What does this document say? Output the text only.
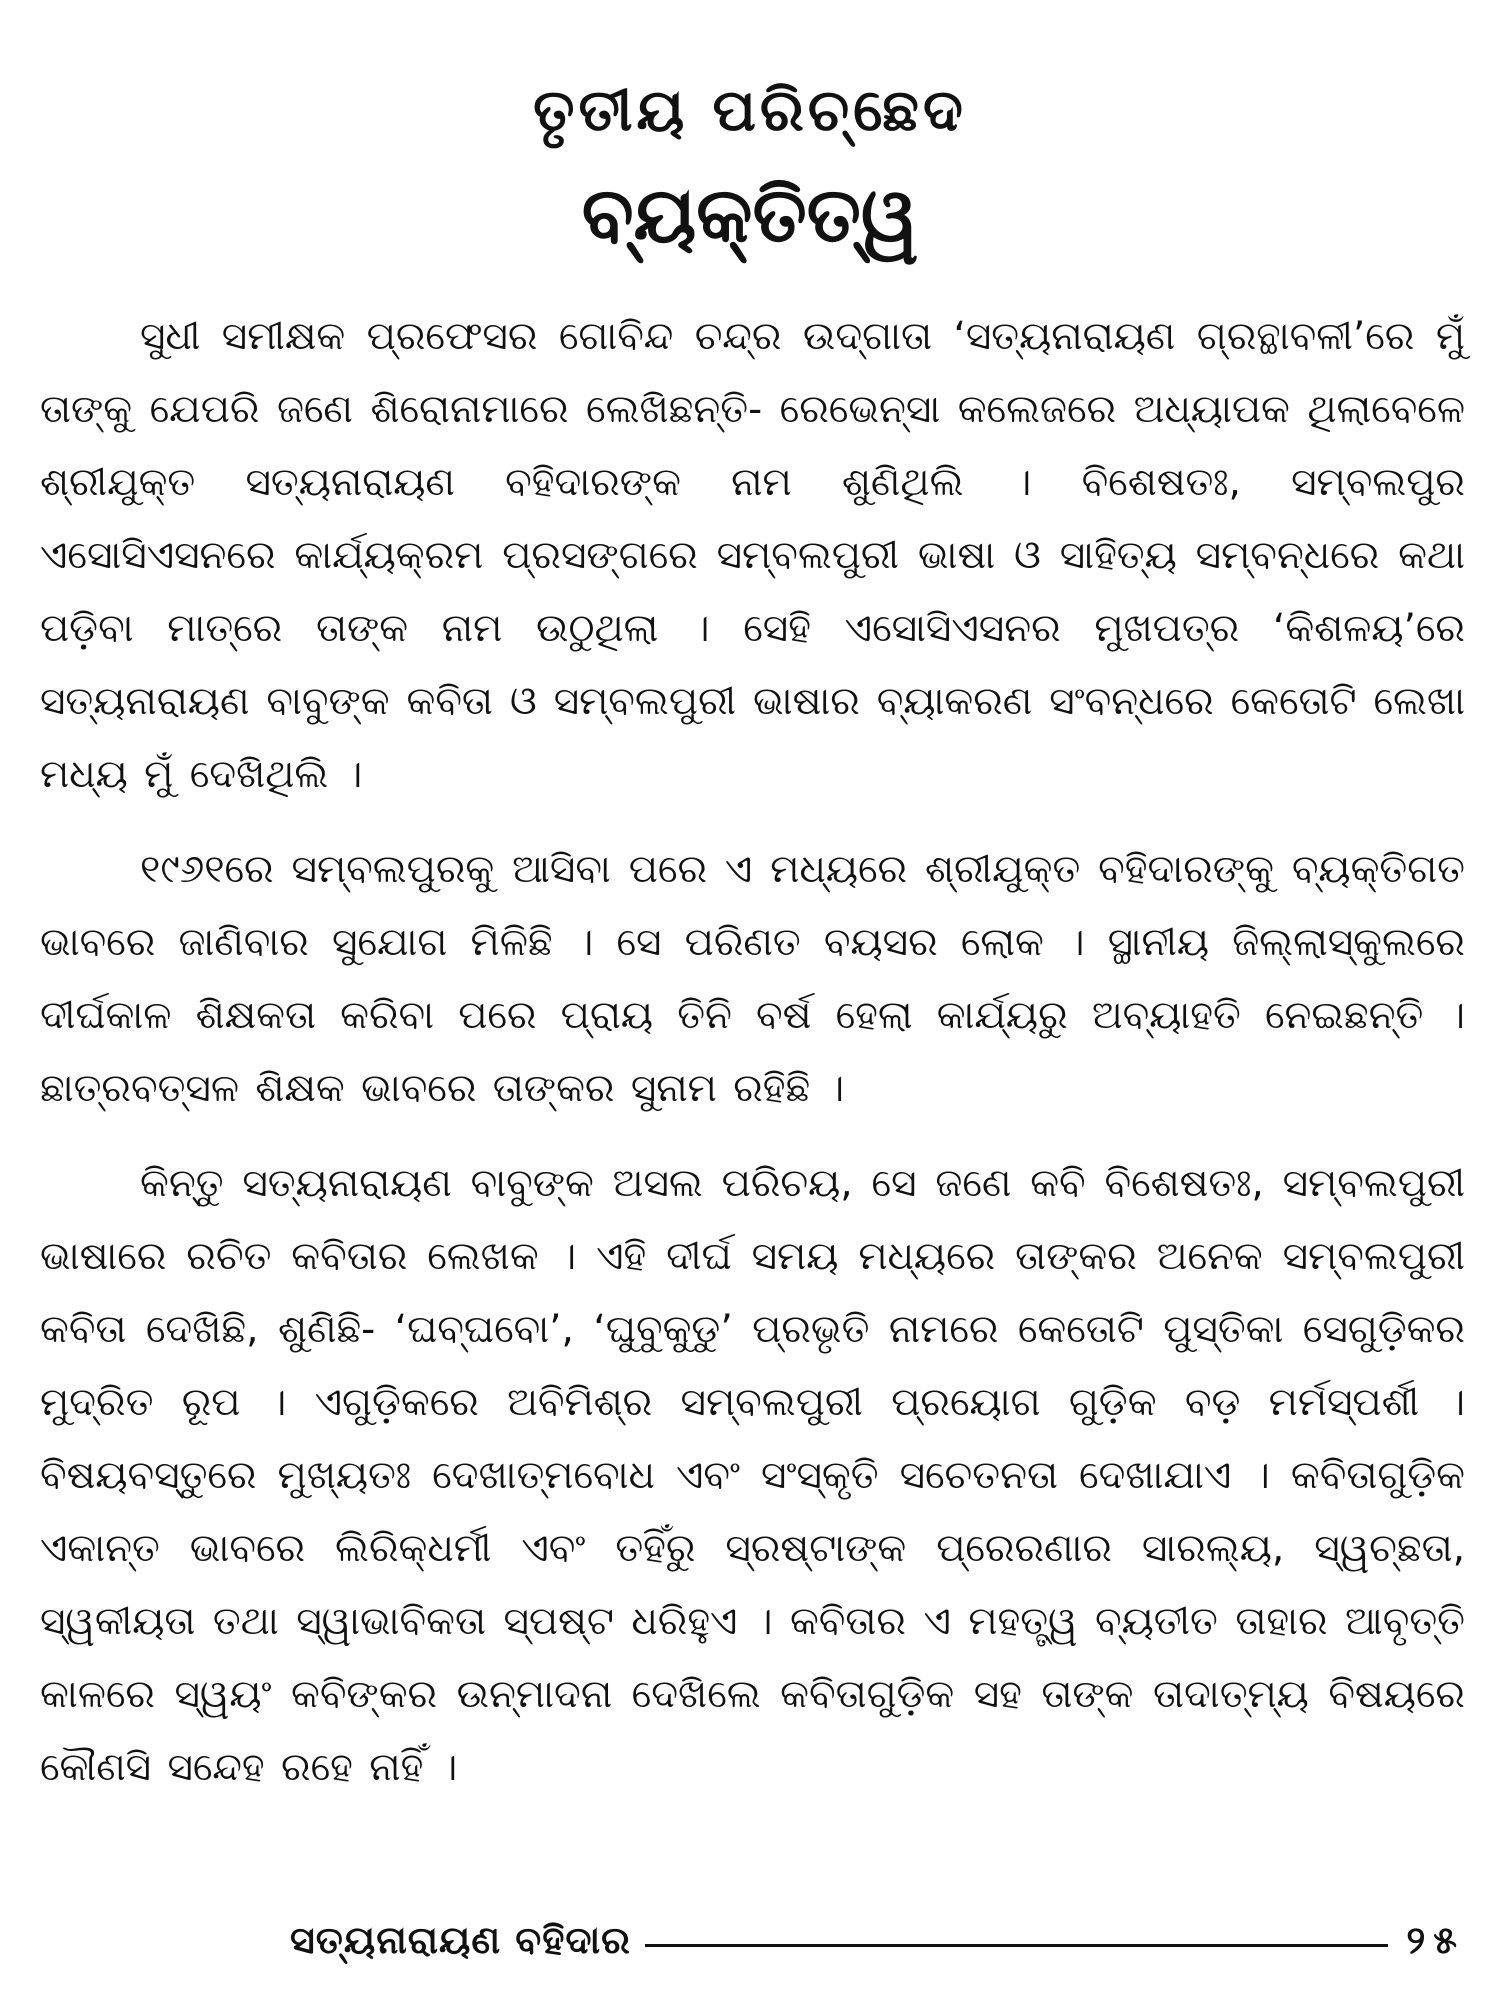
ତୃତୀୟ ପରିଚ୍ଛେଦ
ବ୍ୟକ୍ତିତ୍ୱ

ସୁଧୀ ସମୀକ୍ଷକ ପ୍ରଫେସର ଗୋବିନ୍ଦ ଚନ୍ଦ୍ର ଉଦ୍‌ଗାତା ‘ସତ୍ୟନାରାୟଣ ଗ୍ରନ୍ଥାବଳୀ’ରେ ମୁଁ ତାଙ୍କୁ ଯେପରି ଜଣେ ଶିରୋନାମାରେ ଲେଖିଛନ୍ତି- ରେଭେନ୍ସା କଲେଜରେ ଅଧ୍ୟାପକ ଥିଲାବେଳେ ଶ୍ରୀଯୁକ୍ତ ସତ୍ୟନାରାୟଣ ବହିଦାରଙ୍କ ନାମ ଶୁଣିଥିଲି । ବିଶେଷତଃ, ସମ୍ବଲପୁର ଏସୋସିଏସନରେ କାର୍ଯ୍ୟକ୍ରମ ପ୍ରସଙ୍ଗରେ ସମ୍ବଲପୁରୀ ଭାଷା ଓ ସାହିତ୍ୟ ସମ୍ବନ୍ଧରେ କଥା ପଡ଼ିବା ମାତ୍ରେ ତାଙ୍କ ନାମ ଉଠୁଥିଲା । ସେହି ଏସୋସିଏସନର ମୁଖପତ୍ର ‘କିଶଳୟ’ରେ ସତ୍ୟନାରାୟଣ ବାବୁଙ୍କ କବିତା ଓ ସମ୍ବଲପୁରୀ ଭାଷାର ବ୍ୟାକରଣ ସଂବନ୍ଧରେ କେତୋଟି ଲେଖା ମଧ୍ୟ ମୁଁ ଦେଖିଥିଲି ।

୧୯୬୧ରେ ସମ୍ବଲପୁରକୁ ଆସିବା ପରେ ଏ ମଧ୍ୟରେ ଶ୍ରୀଯୁକ୍ତ ବହିଦାରଙ୍କୁ ବ୍ୟକ୍ତିଗତ ଭାବରେ ଜାଣିବାର ସୁଯୋଗ ମିଳିଛି । ସେ ପରିଣତ ବୟସର ଲୋକ । ସ୍ଥାନୀୟ ଜିଲ୍ଲାସ୍କୁଲରେ ଦୀର୍ଘକାଳ ଶିକ୍ଷକତା କରିବା ପରେ ପ୍ରାୟ ତିନି ବର୍ଷ ହେଲା କାର୍ଯ୍ୟରୁ ଅବ୍ୟାହତି ନେଇଛନ୍ତି । ଛାତ୍ରବତ୍ସଳ ଶିକ୍ଷକ ଭାବରେ ତାଙ୍କର ସୁନାମ ରହିଛି ।

କିନ୍ତୁ ସତ୍ୟନାରାୟଣ ବାବୁଙ୍କ ଅସଲ ପରିଚୟ, ସେ ଜଣେ କବି ବିଶେଷତଃ, ସମ୍ବଲପୁରୀ ଭାଷାରେ ରଚିତ କବିତାର ଲେଖକ । ଏହି ଦୀର୍ଘ ସମୟ ମଧ୍ୟରେ ତାଙ୍କର ଅନେକ ସମ୍ବଲପୁରୀ କବିତା ଦେଖିଛି, ଶୁଣିଛି- ‘ଘବ୍‌ଘବୋ’, ‘ଘୁବୁକୁଡୁ’ ପ୍ରଭୃତି ନାମରେ କେତୋଟି ପୁସ୍ତିକା ସେଗୁଡ଼ିକର ମୁଦ୍ରିତ ରୂପ । ଏଗୁଡ଼ିକରେ ଅବିମିଶ୍ର ସମ୍ବଲପୁରୀ ପ୍ରୟୋଗ ଗୁଡ଼ିକ ବଡ଼ ମର୍ମସ୍ପର୍ଶୀ । ବିଷୟବସ୍ତୁରେ ମୁଖ୍ୟତଃ ଦେଖାତ୍ମବୋଧ ଏବଂ ସଂସ୍କୃତି ସଚେତନତା ଦେଖାଯାଏ । କବିତାଗୁଡ଼ିକ ଏକାନ୍ତ ଭାବରେ ଲିରିକ୍‌ଧର୍ମୀ ଏବଂ ତହିଁରୁ ସ୍ରଷ୍ଟାଙ୍କ ପ୍ରେରଣାର ସାରଲ୍ୟ, ସ୍ୱଚ୍ଛତା, ସ୍ୱକୀୟତା ତଥା ସ୍ୱାଭାବିକତା ସ୍ପଷ୍ଟ ଧରିହୁଏ । କବିତାର ଏ ମହତ୍ତ୍ୱ ବ୍ୟତୀତ ତାହାର ଆବୃତ୍ତି କାଳରେ ସ୍ୱୟଂ କବିଙ୍କର ଉନ୍ମାଦନା ଦେଖିଲେ କବିତାଗୁଡ଼ିକ ସହ ତାଙ୍କ ତାଦାତ୍ମ୍ୟ ବିଷୟରେ କୌଣସି ସନ୍ଦେହ ରହେ ନାହିଁ ।

ସତ୍ୟନାରାୟଣ ବହିଦାର	୨୫
